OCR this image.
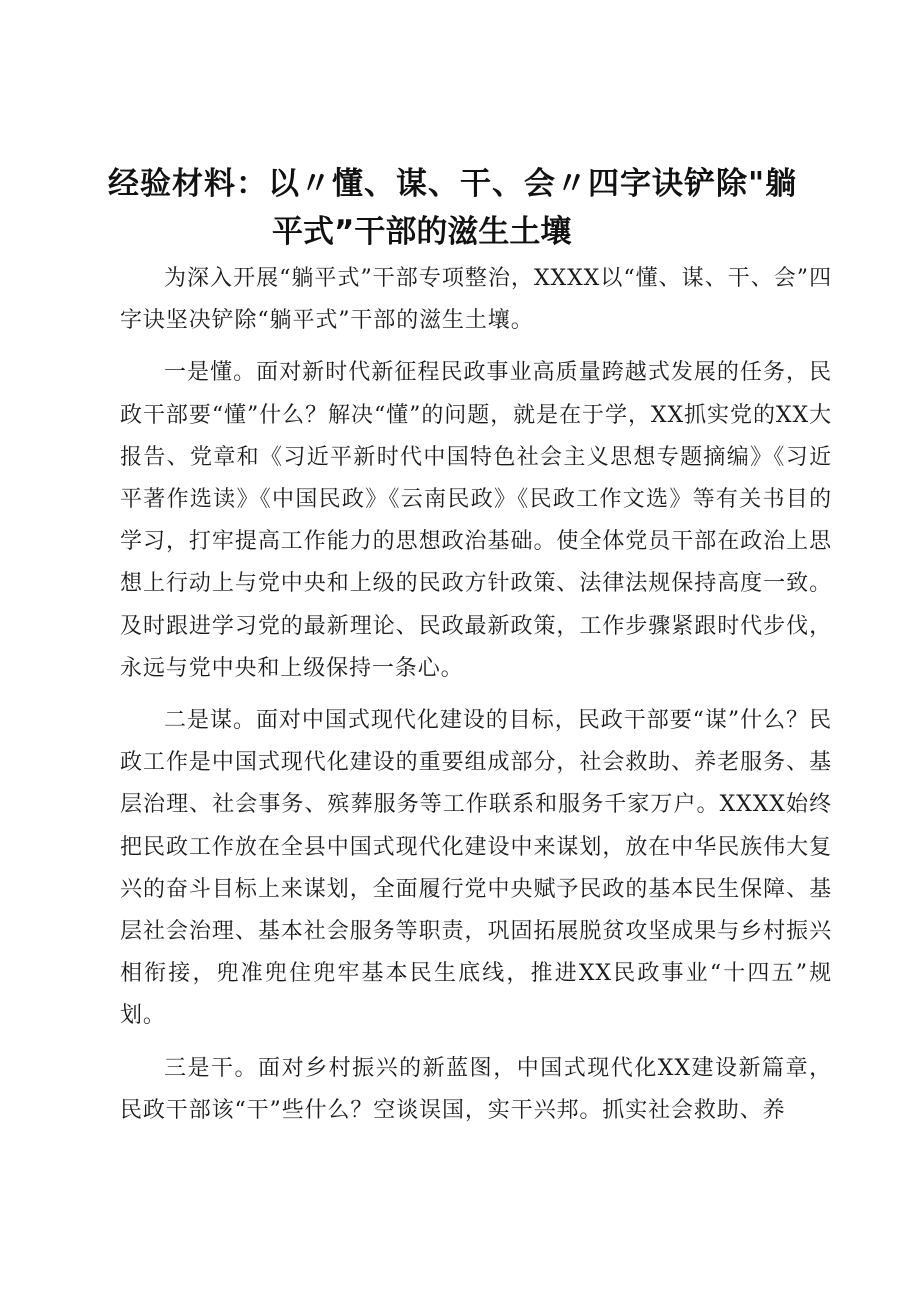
经验材料：以〃懂、谋、干、会〃四字诀铲除"躺
平式”干部的滋生土壤

为深入开展“躺平式”干部专项整治，XXXX以“懂、谋、干、会”四字诀坚决铲除“躺平式”干部的滋生土壤。

一是懂。面对新时代新征程民政事业高质量跨越式发展的任务，民政干部要“懂”什么？解决“懂”的问题，就是在于学，XX抓实党的XX大报告、党章和《习近平新时代中国特色社会主义思想专题摘编》《习近平著作选读》《中国民政》《云南民政》《民政工作文选》等有关书目的学习，打牢提高工作能力的思想政治基础。使全体党员干部在政治上思想上行动上与党中央和上级的民政方针政策、法律法规保持高度一致。及时跟进学习党的最新理论、民政最新政策，工作步骤紧跟时代步伐，永远与党中央和上级保持一条心。

二是谋。面对中国式现代化建设的目标，民政干部要“谋”什么？民政工作是中国式现代化建设的重要组成部分，社会救助、养老服务、基层治理、社会事务、殡葬服务等工作联系和服务千家万户。XXXX始终把民政工作放在全县中国式现代化建设中来谋划，放在中华民族伟大复兴的奋斗目标上来谋划，全面履行党中央赋予民政的基本民生保障、基层社会治理、基本社会服务等职责，巩固拓展脱贫攻坚成果与乡村振兴相衔接，兜准兜住兜牢基本民生底线，推进XX民政事业“十四五”规划。

三是干。面对乡村振兴的新蓝图，中国式现代化XX建设新篇章，民政干部该“干”些什么？空谈误国，实干兴邦。抓实社会救助、养
